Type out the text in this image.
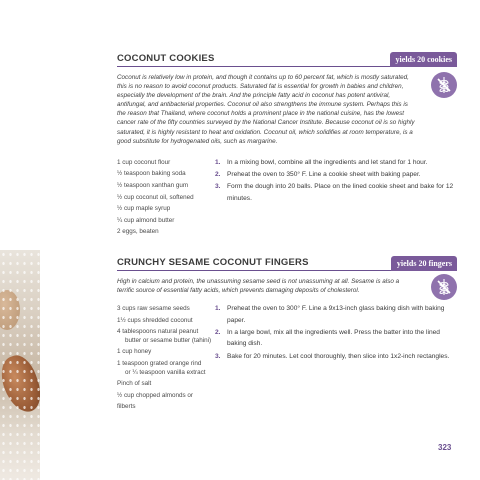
COCONUT COOKIES	yields 20 cookies

Coconut is relatively low in protein, and though it contains up to 60 percent fat, which is mostly saturated, this is no reason to avoid coconut products. Saturated fat is essential for growth in babies and children, especially the development of the brain. And the principle fatty acid in coconut has potent antiviral, antifungal, and antibacterial properties. Coconut oil also strengthens the immune system. Perhaps this is the reason that Thailand, where coconut holds a prominent place in the national cuisine, has the lowest cancer rate of the fifty countries surveyed by the National Cancer Institute. Because coconut oil is so highly saturated, it is highly resistant to heat and oxidation. Coconut oil, which solidifies at room temperature, is a good substitute for hydrogenated oils, such as margarine.

1 cup coconut flour
½ teaspoon baking soda
½ teaspoon xanthan gum
½ cup coconut oil, softened
½ cup maple syrup
¼ cup almond butter
2 eggs, beaten
1. In a mixing bowl, combine all the ingredients and let stand for 1 hour.
2. Preheat the oven to 350° F. Line a cookie sheet with baking paper.
3. Form the dough into 20 balls. Place on the lined cookie sheet and bake for 12 minutes.
CRUNCHY SESAME COCONUT FINGERS	yields 20 fingers

High in calcium and protein, the unassuming sesame seed is not unassuming at all. Sesame is also a terrific source of essential fatty acids, which prevents damaging deposits of cholesterol.

3 cups raw sesame seeds
1½ cups shredded coconut
4 tablespoons natural peanut
butter or sesame butter (tahini)
1 cup honey
1 teaspoon grated orange rind
or ¼ teaspoon vanilla extract
Pinch of salt
½ cup chopped almonds or filberts
1. Preheat the oven to 300° F. Line a 9x13-inch glass baking dish with baking paper.
2. In a large bowl, mix all the ingredients well. Press the batter into the lined baking dish.
3. Bake for 20 minutes. Let cool thoroughly, then slice into 1x2-inch rectangles.
323
